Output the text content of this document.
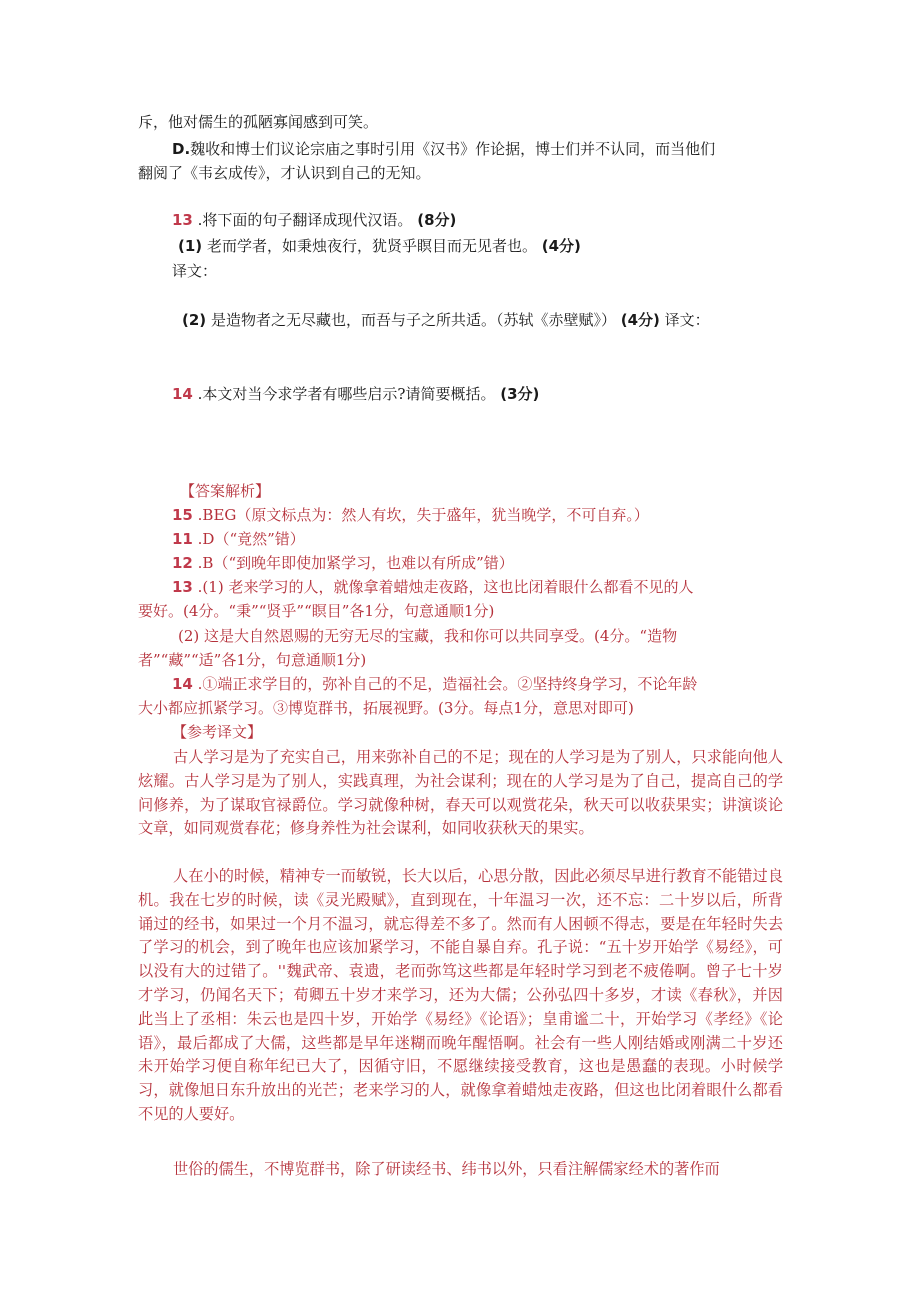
斥，他对儒生的孤陋寡闻感到可笑。
D.魏收和博士们议论宗庙之事时引用《汉书》作论据，博士们并不认同，而当他们
翻阅了《韦玄成传》，才认识到自己的无知。
13 .将下面的句子翻译成现代汉语。 (8分)
(1) 老而学者，如秉烛夜行，犹贤乎瞑目而无见者也。 (4分)
译文：
(2) 是造物者之无尽藏也，而吾与子之所共适。（苏轼《赤壁赋》） (4分) 译文：
14 .本文对当今求学者有哪些启示?请简要概括。 (3分)
【答案解析】
15 .BEG（原文标点为：然人有坎，失于盛年，犹当晚学，不可自弃。）
11 .D（“竟然”错）
12 .B（“到晚年即使加紧学习，也难以有所成”错）
13 .(1) 老来学习的人，就像拿着蜡烛走夜路，这也比闭着眼什么都看不见的人
要好。(4分。“秉”“贤乎”“瞑目”各1分，句意通顺1分)
(2) 这是大自然恩赐的无穷无尽的宝藏，我和你可以共同享受。(4分。“造物
者”“藏”“适”各1分，句意通顺1分)
14 .①端正求学目的，弥补自己的不足，造福社会。②坚持终身学习，不论年龄
大小都应抓紧学习。③博览群书，拓展视野。(3分。每点1分，意思对即可)
【参考译文】
古人学习是为了充实自己，用来弥补自己的不足；现在的人学习是为了别人，只求能向他人炫耀。古人学习是为了别人，实践真理，为社会谋利；现在的人学习是为了自己，提高自己的学问修养，为了谋取官禄爵位。学习就像种树，春天可以观赏花朵，秋天可以收获果实；讲演谈论文章，如同观赏春花；修身养性为社会谋利，如同收获秋天的果实。
人在小的时候，精神专一而敏锐，长大以后，心思分散，因此必须尽早进行教育不能错过良机。我在七岁的时候，读《灵光殿赋》，直到现在，十年温习一次，还不忘：二十岁以后，所背诵过的经书，如果过一个月不温习，就忘得差不多了。然而有人困顿不得志，要是在年轻时失去了学习的机会，到了晚年也应该加紧学习，不能自暴自弃。孔子说：“五十岁开始学《易经》，可以没有大的过错了。''魏武帝、袁遗，老而弥笃这些都是年轻时学习到老不疲倦啊。曾子七十岁才学习，仍闻名天下；荀卿五十岁才来学习，还为大儒；公孙弘四十多岁，才读《春秋》，并因此当上了丞相：朱云也是四十岁，开始学《易经》《论语》；皇甫谧二十，开始学习《孝经》《论语》，最后都成了大儒，这些都是早年迷糊而晚年醒悟啊。社会有一些人刚结婚或刚满二十岁还未开始学习便自称年纪已大了，因循守旧，不愿继续接受教育，这也是愚蠢的表现。小时候学习，就像旭日东升放出的光芒；老来学习的人，就像拿着蜡烛走夜路，但这也比闭着眼什么都看不见的人要好。
世俗的儒生，不博览群书，除了研读经书、纬书以外，只看注解儒家经术的著作而
